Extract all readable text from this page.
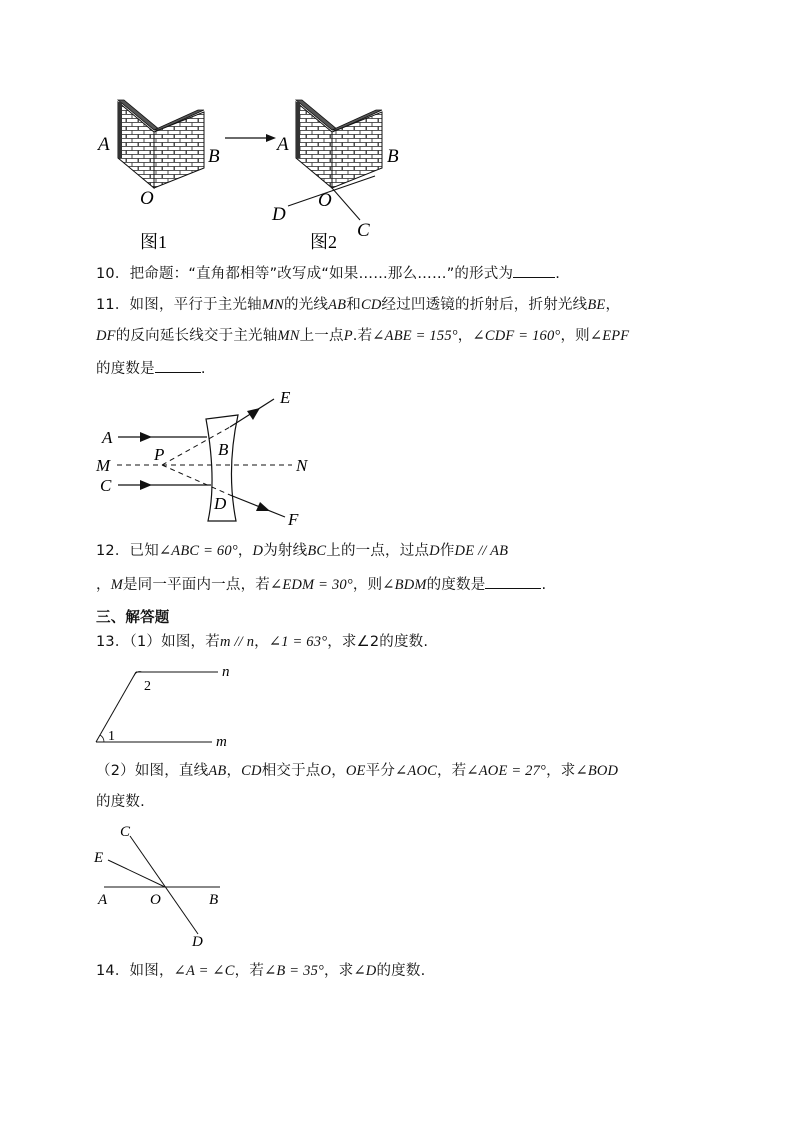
A
B
O
A
B
O
D
C
图1	图2
10．把命题：“直角都相等”改写成“如果……那么……”的形式为	.
11．如图，平行于主光轴MN的光线AB和CD经过凹透镜的折射后，折射光线BE，
DF的反向延长线交于主光轴MN上一点P.若∠ABE = 155°，∠CDF = 160°，则∠EPF
的度数是	.
A
B
C
D
E
F
M	N
P
12．已知∠ABC = 60°，D为射线BC上的一点，过点D作DE // AB
，M是同一平面内一点，若∠EDM = 30°，则∠BDM的度数是	.
三、解答题
13．（1）如图，若m // n，∠1 = 63°，求∠2的度数.
n
m
2
1
（2）如图，直线AB，CD相交于点O，OE平分∠AOC，若∠AOE = 27°，求∠BOD
的度数.
C
E
A	O	B
D
14．如图，∠A = ∠C，若∠B = 35°，求∠D的度数.
